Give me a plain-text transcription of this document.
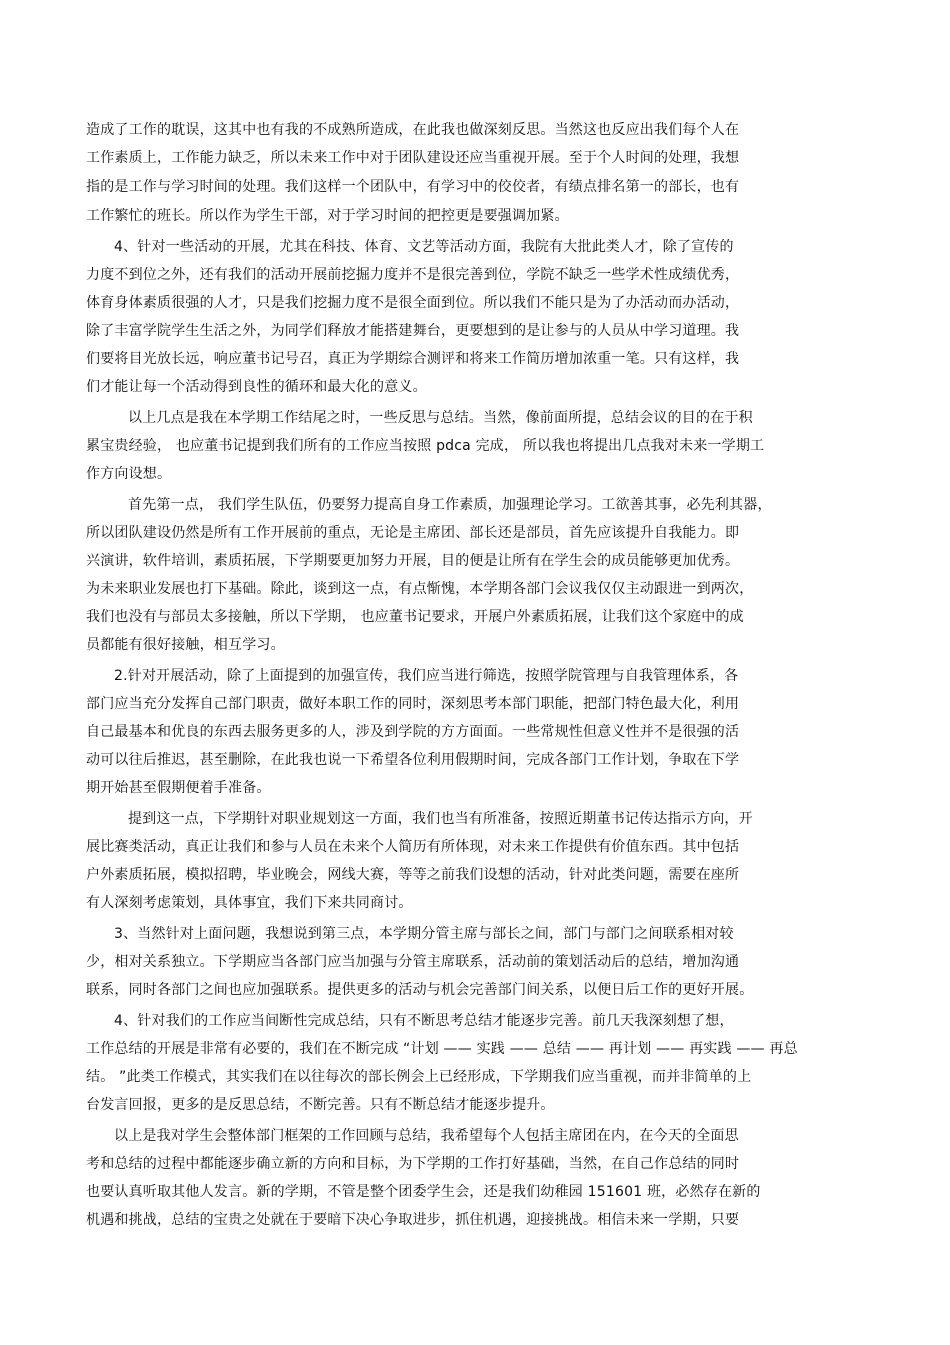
造成了工作的耽误，这其中也有我的不成熟所造成，在此我也做深刻反思。当然这也反应出我们每个人在
工作素质上，工作能力缺乏，所以未来工作中对于团队建设还应当重视开展。至于个人时间的处理，我想
指的是工作与学习时间的处理。我们这样一个团队中，有学习中的佼佼者，有绩点排名第一的部长，也有
工作繁忙的班长。所以作为学生干部，对于学习时间的把控更是要强调加紧。
4、针对一些活动的开展，尤其在科技、体育、文艺等活动方面，我院有大批此类人才，除了宣传的
力度不到位之外，还有我们的活动开展前挖掘力度并不是很完善到位，学院不缺乏一些学术性成绩优秀，
体育身体素质很强的人才，只是我们挖掘力度不是很全面到位。所以我们不能只是为了办活动而办活动，
除了丰富学院学生生活之外，为同学们释放才能搭建舞台，更要想到的是让参与的人员从中学习道理。我
们要将目光放长远，响应董书记号召，真正为学期综合测评和将来工作简历增加浓重一笔。只有这样，我
们才能让每一个活动得到良性的循环和最大化的意义。
以上几点是我在本学期工作结尾之时，一些反思与总结。当然，像前面所提，总结会议的目的在于积
累宝贵经验， 也应董书记提到我们所有的工作应当按照 pdca 完成， 所以我也将提出几点我对未来一学期工
作方向设想。
首先第一点， 我们学生队伍，仍要努力提高自身工作素质，加强理论学习。工欲善其事，必先利其器，
所以团队建设仍然是所有工作开展前的重点，无论是主席团、部长还是部员，首先应该提升自我能力。即
兴演讲，软件培训，素质拓展，下学期要更加努力开展，目的便是让所有在学生会的成员能够更加优秀。
为未来职业发展也打下基础。除此，谈到这一点，有点惭愧，本学期各部门会议我仅仅主动跟进一到两次，
我们也没有与部员太多接触，所以下学期， 也应董书记要求，开展户外素质拓展，让我们这个家庭中的成
员都能有很好接触，相互学习。
2.针对开展活动，除了上面提到的加强宣传，我们应当进行筛选，按照学院管理与自我管理体系，各
部门应当充分发挥自己部门职责，做好本职工作的同时，深刻思考本部门职能，把部门特色最大化，利用
自己最基本和优良的东西去服务更多的人，涉及到学院的方方面面。一些常规性但意义性并不是很强的活
动可以往后推迟，甚至删除，在此我也说一下希望各位利用假期时间，完成各部门工作计划，争取在下学
期开始甚至假期便着手准备。
提到这一点，下学期针对职业规划这一方面，我们也当有所准备，按照近期董书记传达指示方向，开
展比赛类活动，真正让我们和参与人员在未来个人简历有所体现，对未来工作提供有价值东西。其中包括
户外素质拓展，模拟招聘，毕业晚会，网线大赛，等等之前我们设想的活动，针对此类问题，需要在座所
有人深刻考虑策划，具体事宜，我们下来共同商讨。
3、当然针对上面问题，我想说到第三点，本学期分管主席与部长之间，部门与部门之间联系相对较
少，相对关系独立。下学期应当各部门应当加强与分管主席联系，活动前的策划活动后的总结，增加沟通
联系，同时各部门之间也应加强联系。提供更多的活动与机会完善部门间关系，以便日后工作的更好开展。
4、针对我们的工作应当间断性完成总结，只有不断思考总结才能逐步完善。前几天我深刻想了想，
工作总结的开展是非常有必要的，我们在不断完成 “计划 —— 实践 —— 总结 —— 再计划 —— 再实践 —— 再总
结。 ”此类工作模式，其实我们在以往每次的部长例会上已经形成，下学期我们应当重视，而并非简单的上
台发言回报，更多的是反思总结，不断完善。只有不断总结才能逐步提升。
以上是我对学生会整体部门框架的工作回顾与总结，我希望每个人包括主席团在内，在今天的全面思
考和总结的过程中都能逐步确立新的方向和目标，为下学期的工作打好基础，当然，在自己作总结的同时
也要认真听取其他人发言。新的学期，不管是整个团委学生会，还是我们幼稚园 151601 班，必然存在新的
机遇和挑战，总结的宝贵之处就在于要暗下决心争取进步，抓住机遇，迎接挑战。相信未来一学期，只要
